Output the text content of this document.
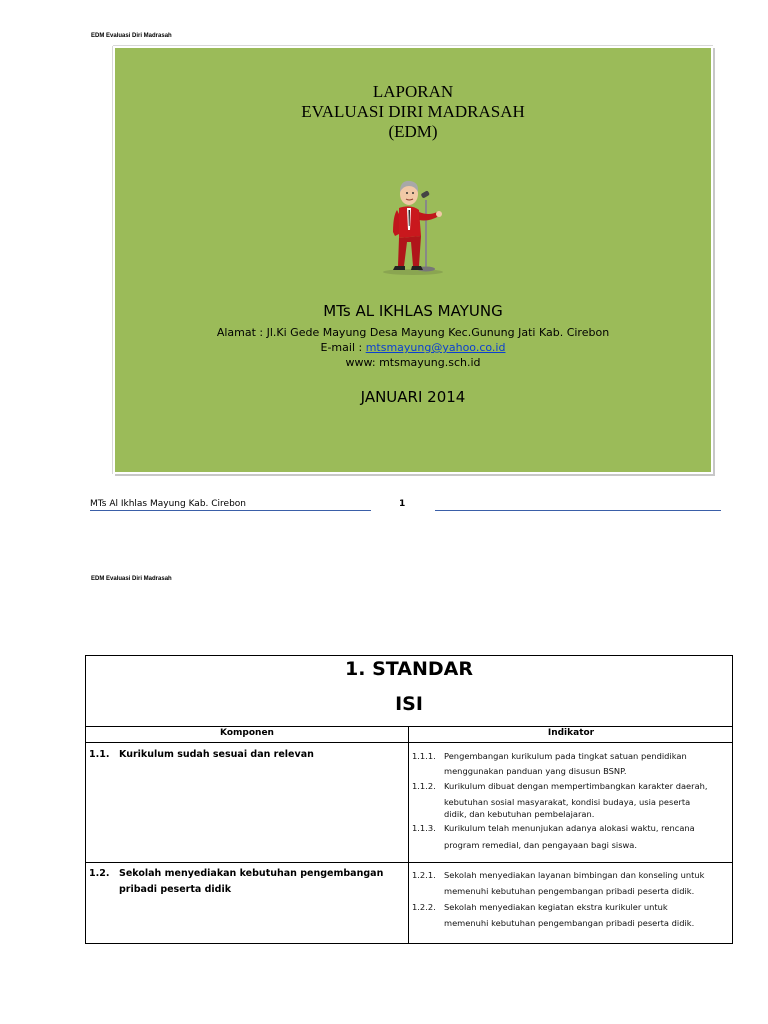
EDM Evaluasi Diri Madrasah
LAPORAN
EVALUASI DIRI MADRASAH
(EDM)
MTs AL IKHLAS MAYUNG
Alamat : Jl.Ki Gede Mayung Desa Mayung Kec.Gunung Jati Kab. Cirebon
E-mail : mtsmayung@yahoo.co.id
www: mtsmayung.sch.id
JANUARI 2014
MTs Al Ikhlas Mayung Kab. Cirebon	1
EDM Evaluasi Diri Madrasah
1. STANDAR
ISI
Komponen	Indikator
1.1. Kurikulum sudah sesuai dan relevan
1.2. Sekolah menyediakan kebutuhan pengembangan
pribadi peserta didik
1.1.1. Pengembangan kurikulum pada tingkat satuan pendidikan
menggunakan panduan yang disusun BSNP.
1.1.2. Kurikulum dibuat dengan mempertimbangkan karakter daerah,
kebutuhan sosial masyarakat, kondisi budaya, usia peserta
didik, dan kebutuhan pembelajaran.
1.1.3. Kurikulum telah menunjukan adanya alokasi waktu, rencana
program remedial, dan pengayaan bagi siswa.
1.2.1. Sekolah menyediakan layanan bimbingan dan konseling untuk
memenuhi kebutuhan pengembangan pribadi peserta didik.
1.2.2. Sekolah menyediakan kegiatan ekstra kurikuler untuk
memenuhi kebutuhan pengembangan pribadi peserta didik.
